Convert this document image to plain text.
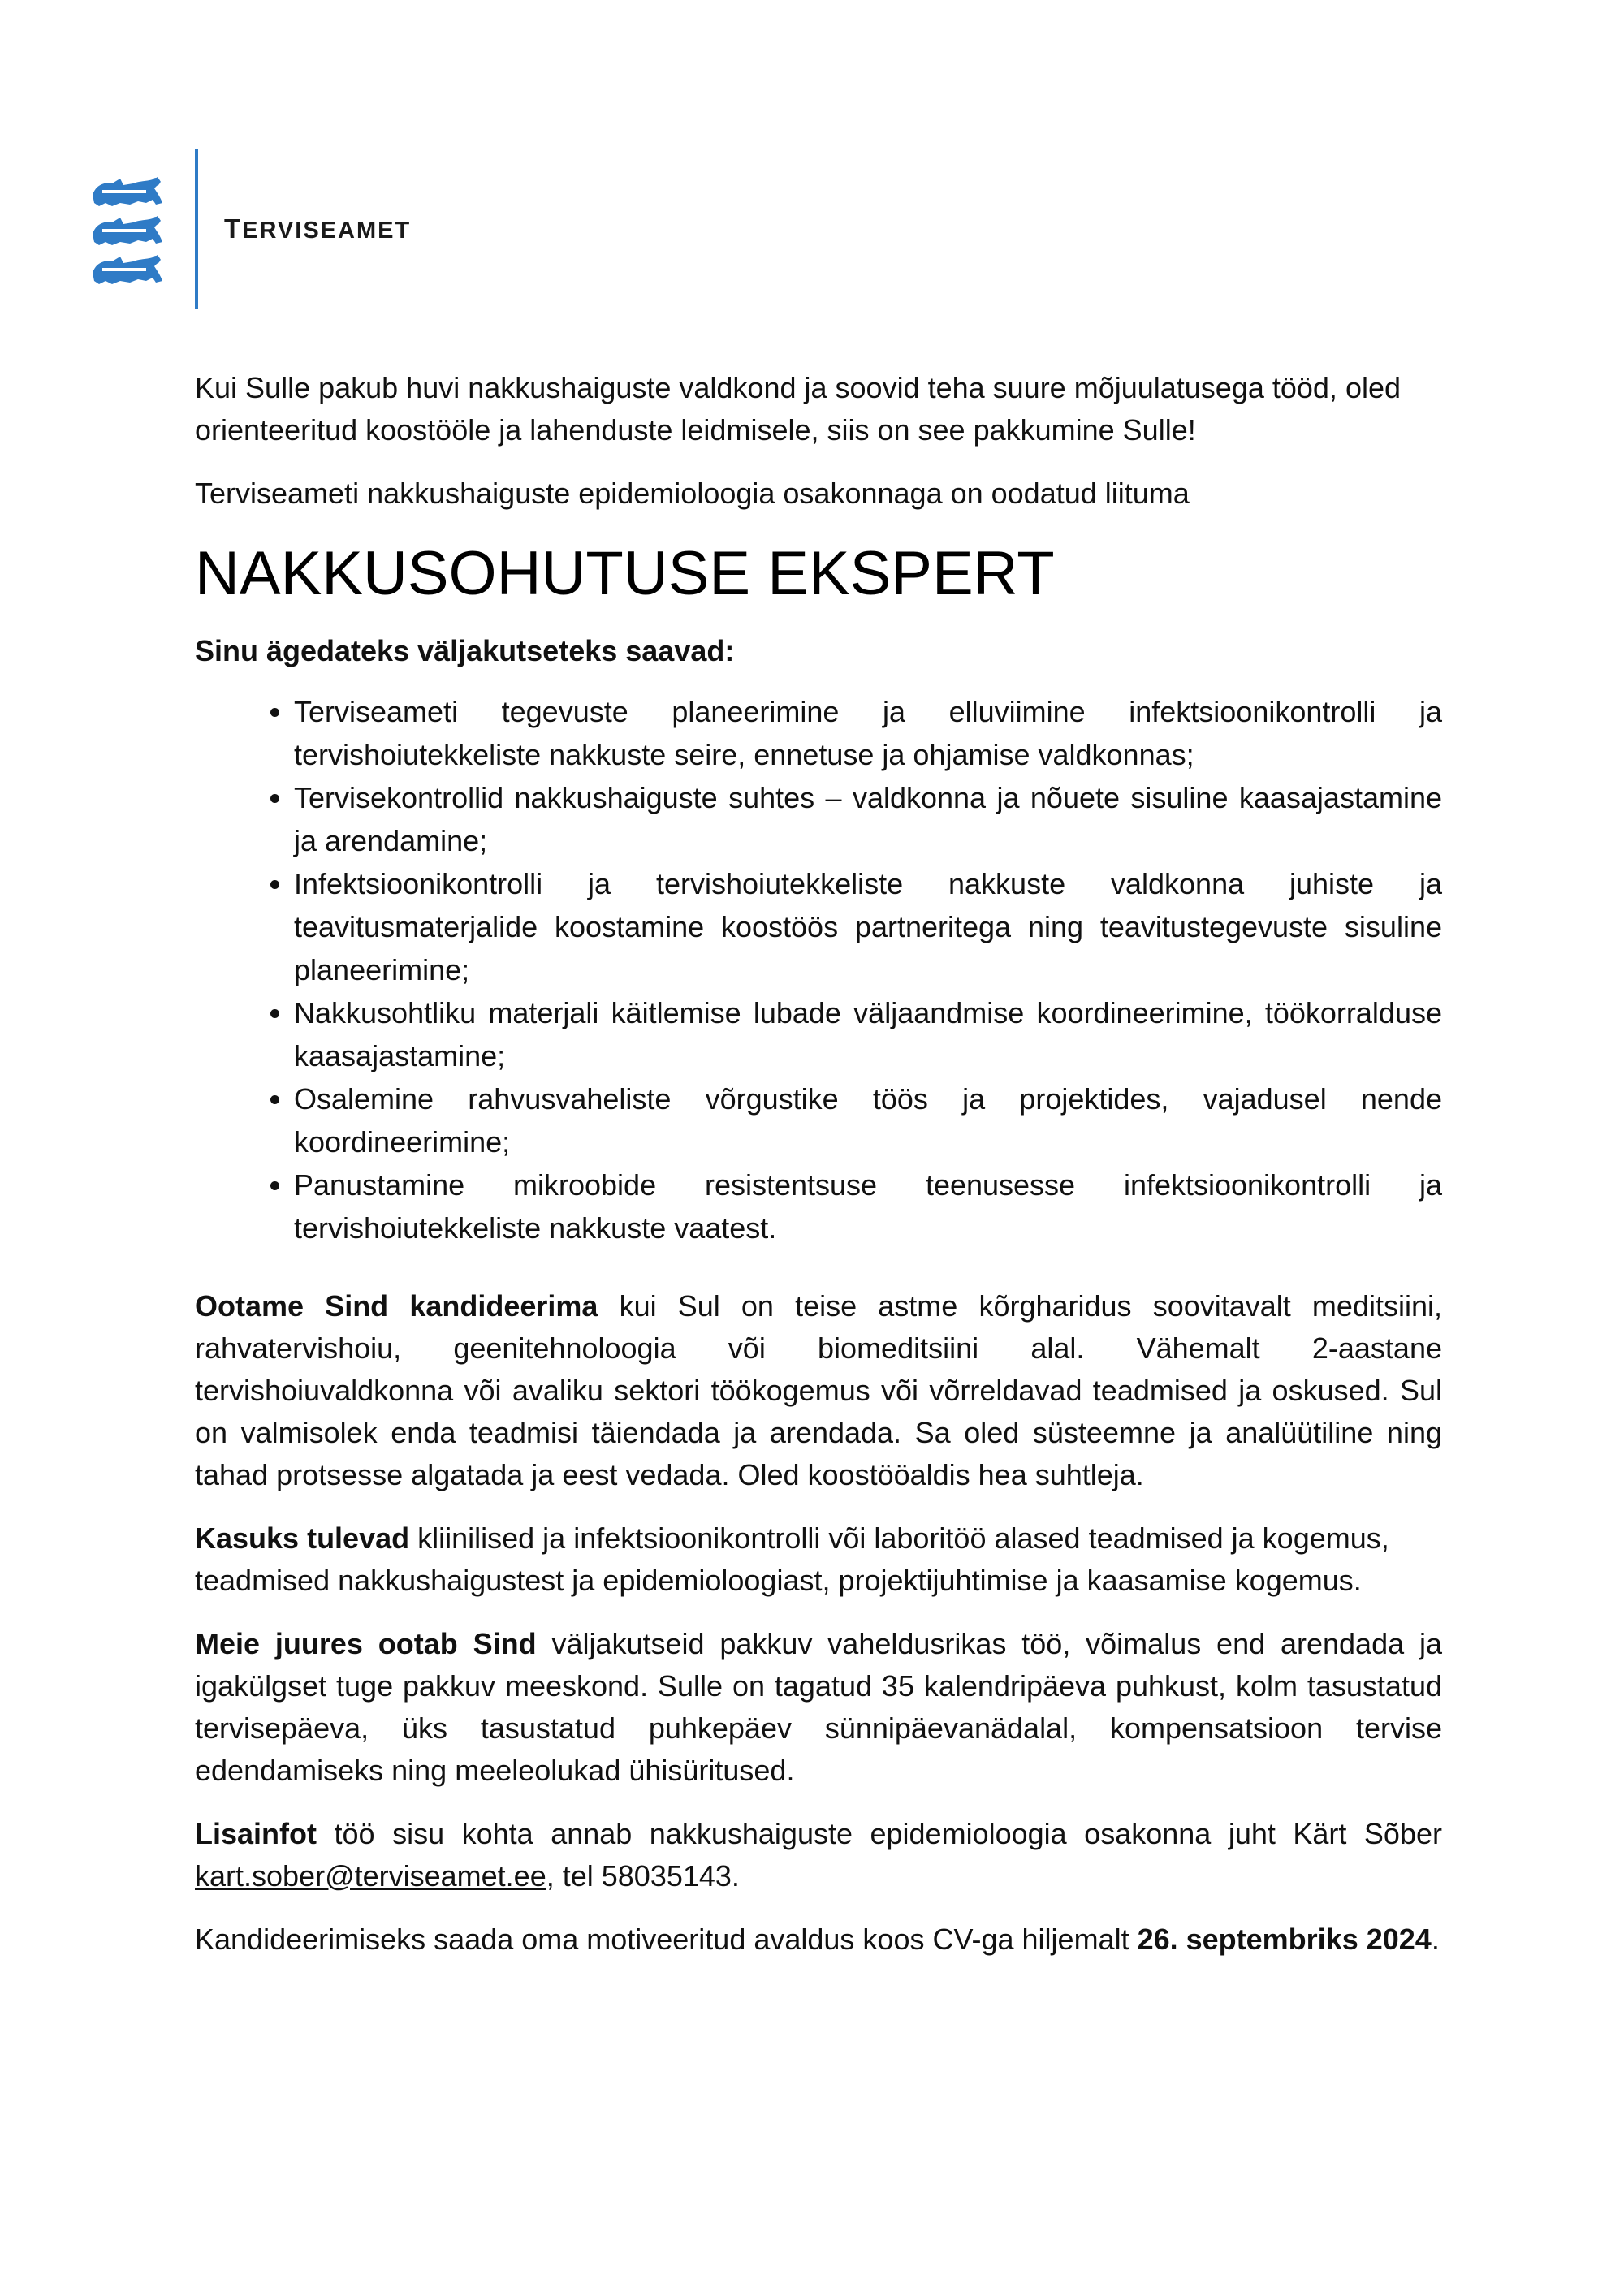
TERVISEAMET

Kui Sulle pakub huvi nakkushaiguste valdkond ja soovid teha suure mõjuulatusega tööd, oled orienteeritud koostööle ja lahenduste leidmisele, siis on see pakkumine Sulle!

Terviseameti nakkushaiguste epidemioloogia osakonnaga on oodatud liituma

NAKKUSOHUTUSE EKSPERT
Sinu ägedateks väljakutseteks saavad:
• Terviseameti tegevuste planeerimine ja elluviimine infektsioonikontrolli ja tervishoiutekkeliste nakkuste seire, ennetuse ja ohjamise valdkonnas;
• Tervisekontrollid nakkushaiguste suhtes – valdkonna ja nõuete sisuline kaasajastamine ja arendamine;
• Infektsioonikontrolli ja tervishoiutekkeliste nakkuste valdkonna juhiste ja teavitusmaterjalide koostamine koostöös partneritega ning teavitustegevuste sisuline planeerimine;
• Nakkusohtliku materjali käitlemise lubade väljaandmise koordineerimine, töökorralduse kaasajastamine;
• Osalemine rahvusvaheliste võrgustike töös ja projektides, vajadusel nende koordineerimine;
• Panustamine mikroobide resistentsuse teenusesse infektsioonikontrolli ja tervishoiutekkeliste nakkuste vaatest.

Ootame Sind kandideerima kui Sul on teise astme kõrgharidus soovitavalt meditsiini, rahvatervishoiu, geenitehnoloogia või biomeditsiini alal. Vähemalt 2-aastane tervishoiuvaldkonna või avaliku sektori töökogemus või võrreldavad teadmised ja oskused. Sul on valmisolek enda teadmisi täiendada ja arendada. Sa oled süsteemne ja analüütiline ning tahad protsesse algatada ja eest vedada. Oled koostööaldis hea suhtleja.

Kasuks tulevad kliinilised ja infektsioonikontrolli või laboritöö alased teadmised ja kogemus, teadmised nakkushaigustest ja epidemioloogiast, projektijuhtimise ja kaasamise kogemus.

Meie juures ootab Sind väljakutseid pakkuv vaheldusrikas töö, võimalus end arendada ja igakülgset tuge pakkuv meeskond. Sulle on tagatud 35 kalendripäeva puhkust, kolm tasustatud tervisepäeva, üks tasustatud puhkepäev sünnipäevanädalal, kompensatsioon tervise edendamiseks ning meeleolukad ühisüritused.

Lisainfot töö sisu kohta annab nakkushaiguste epidemioloogia osakonna juht Kärt Sõber kart.sober@terviseamet.ee, tel 58035143.

Kandideerimiseks saada oma motiveeritud avaldus koos CV-ga hiljemalt 26. septembriks 2024.
